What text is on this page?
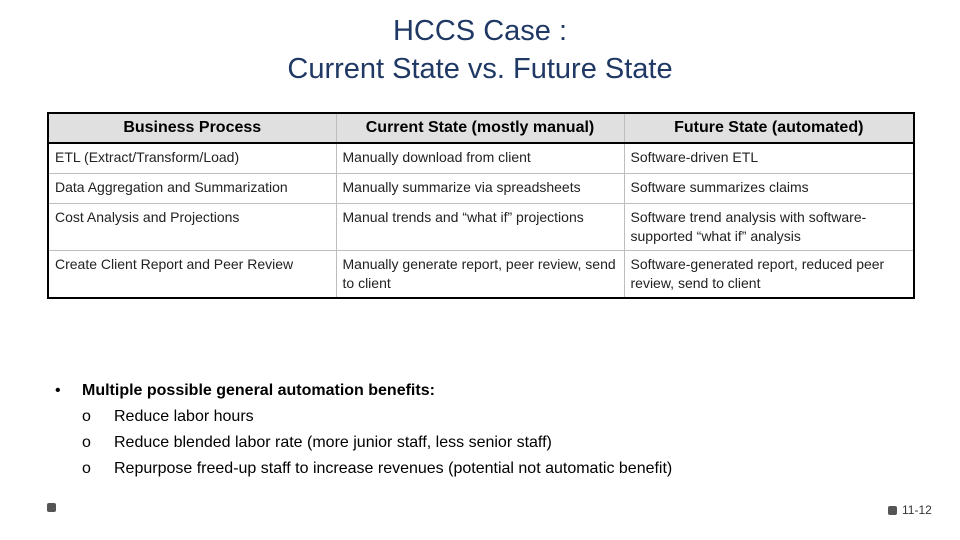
HCCS Case :
Current State vs. Future State
Business Process	Current State (mostly manual)	Future State (automated)
ETL (Extract/Transform/Load)	Manually download from client	Software-driven ETL
Data Aggregation and Summarization	Manually summarize via spreadsheets	Software summarizes claims
Cost Analysis and Projections	Manual trends and “what if” projections	Software trend analysis with software-supported “what if” analysis
Create Client Report and Peer Review	Manually generate report, peer review, send to client	Software-generated report, reduced peer review, send to client
•	Multiple possible general automation benefits:
o	Reduce labor hours
o	Reduce blended labor rate (more junior staff, less senior staff)
o	Repurpose freed-up staff to increase revenues (potential not automatic benefit)
11-12
